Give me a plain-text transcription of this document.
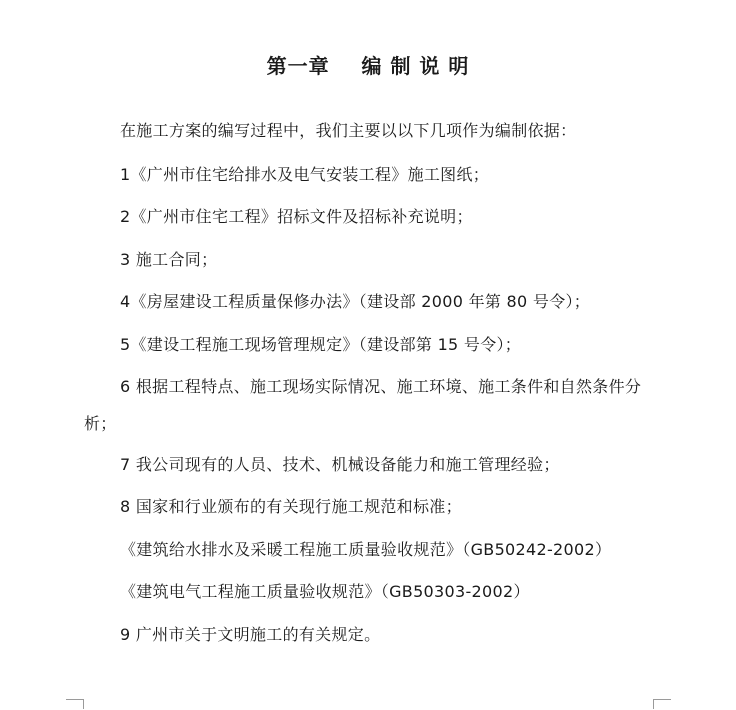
第一章    编 制 说 明
在施工方案的编写过程中，我们主要以以下几项作为编制依据：
1《广州市住宅给排水及电气安装工程》施工图纸；
2《广州市住宅工程》招标文件及招标补充说明；
3 施工合同；
4《房屋建设工程质量保修办法》（建设部 2000 年第 80 号令）；
5《建设工程施工现场管理规定》（建设部第 15 号令）；
6 根据工程特点、施工现场实际情况、施工环境、施工条件和自然条件分析；
7 我公司现有的人员、技术、机械设备能力和施工管理经验；
8 国家和行业颁布的有关现行施工规范和标准；
《建筑给水排水及采暖工程施工质量验收规范》（GB50242-2002）
《建筑电气工程施工质量验收规范》（GB50303-2002）
9 广州市关于文明施工的有关规定。
